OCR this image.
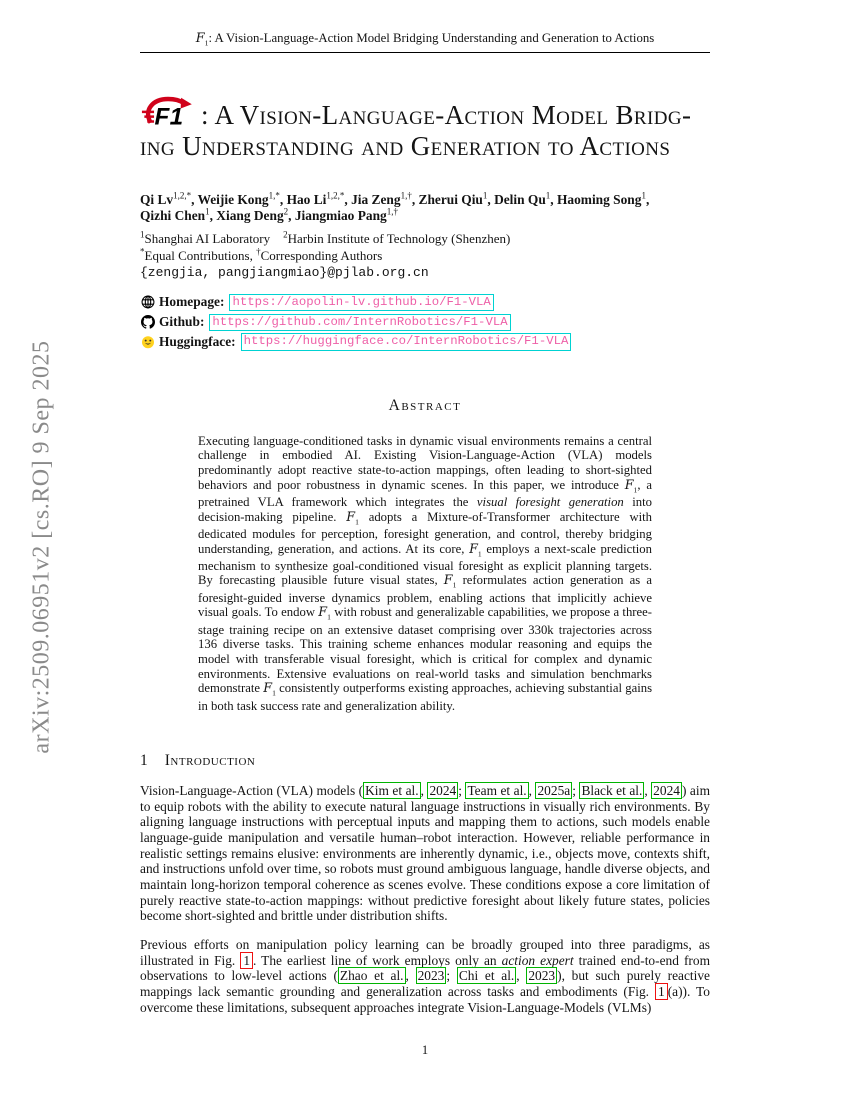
arXiv:2509.06951v2 [cs.RO] 9 Sep 2025
$F_1$: A Vision-Language-Action Model Bridging Understanding and Generation to Actions
F1 : A Vision-Language-Action Model Bridg-
ing Understanding and Generation to Actions
Qi $Lv^{1,2,*}$, Weijie Kong$^{1,*}$, Hao $Li^{1,2,*}$, Jia Zeng$^{1,\dagger}$, Zherui Qiu$^1$, Delin Qu$^1$, Haoming Song$^1$,
Qizhi Chen$^1$, Xiang Deng$^2$, Jiangmiao Pang$^{1,\dagger}$
$^1$Shanghai AI Laboratory  $^2$Harbin Institute of Technology (Shenzhen)
*Equal Contributions, †Corresponding Authors
{zengjia, pangjiangmiao}@pjlab.org.cn
Homepage : https://aopolin-lv.github.io/F1-VLA
Github : https://github.com/InternRobotics/F1-VLA
Huggingface : https://huggingface.co/InternRobotics/F1-VLA
Abstract
Executing language-conditioned tasks in dynamic visual environments remains a central challenge in embodied AI. Existing Vision-Language-Action (VLA) models predominantly adopt reactive state-to-action mappings, often leading to short-sighted behaviors and poor robustness in dynamic scenes. In this paper, we introduce $F_1$, a pretrained VLA framework which integrates the visual foresight generation into decision-making pipeline. $F_1$ adopts a Mixture-of-Transformer architecture with dedicated modules for perception, foresight generation, and control, thereby bridging understanding, generation, and actions. At its core, $F_1$ employs a next-scale prediction mechanism to synthesize goal-conditioned visual foresight as explicit planning targets. By forecasting plausible future visual states, $F_1$ reformulates action generation as a foresight-guided inverse dynamics problem, enabling actions that implicitly achieve visual goals. To endow $F_1$ with robust and generalizable capabilities, we propose a three-stage training recipe on an extensive dataset comprising over 330k trajectories across 136 diverse tasks. This training scheme enhances modular reasoning and equips the model with transferable visual foresight, which is critical for complex and dynamic environments. Extensive evaluations on real-world tasks and simulation benchmarks demonstrate $F_1$ consistently outperforms existing approaches, achieving substantial gains in both task success rate and generalization ability.
1 Introduction
Vision-Language-Action (VLA) models ( Kim et al. , 2024 ; Team et al. , 2025a ; Black et al. , 2024 ) aim to equip robots with the ability to execute natural language instructions in visually rich environments. By aligning language instructions with perceptual inputs and mapping them to actions, such models enable language-guide manipulation and versatile human–robot interaction. However, reliable performance in realistic settings remains elusive: environments are inherently dynamic, i.e., objects move, contexts shift, and instructions unfold over time, so robots must ground ambiguous language, handle diverse objects, and maintain long-horizon temporal coherence as scenes evolve. These conditions expose a core limitation of purely reactive state-to-action mappings: without predictive foresight about likely future states, policies become short-sighted and brittle under distribution shifts.
Previous efforts on manipulation policy learning can be broadly grouped into three paradigms, as illustrated in Fig. 1 . The earliest line of work employs only an action expert trained end-to-end from observations to low-level actions ( Zhao et al. , 2023 ; Chi et al. , 2023 ), but such purely reactive mappings lack semantic grounding and generalization across tasks and embodiments (Fig. 1 (a)). To overcome these limitations, subsequent approaches integrate Vision-Language-Models (VLMs)
1
